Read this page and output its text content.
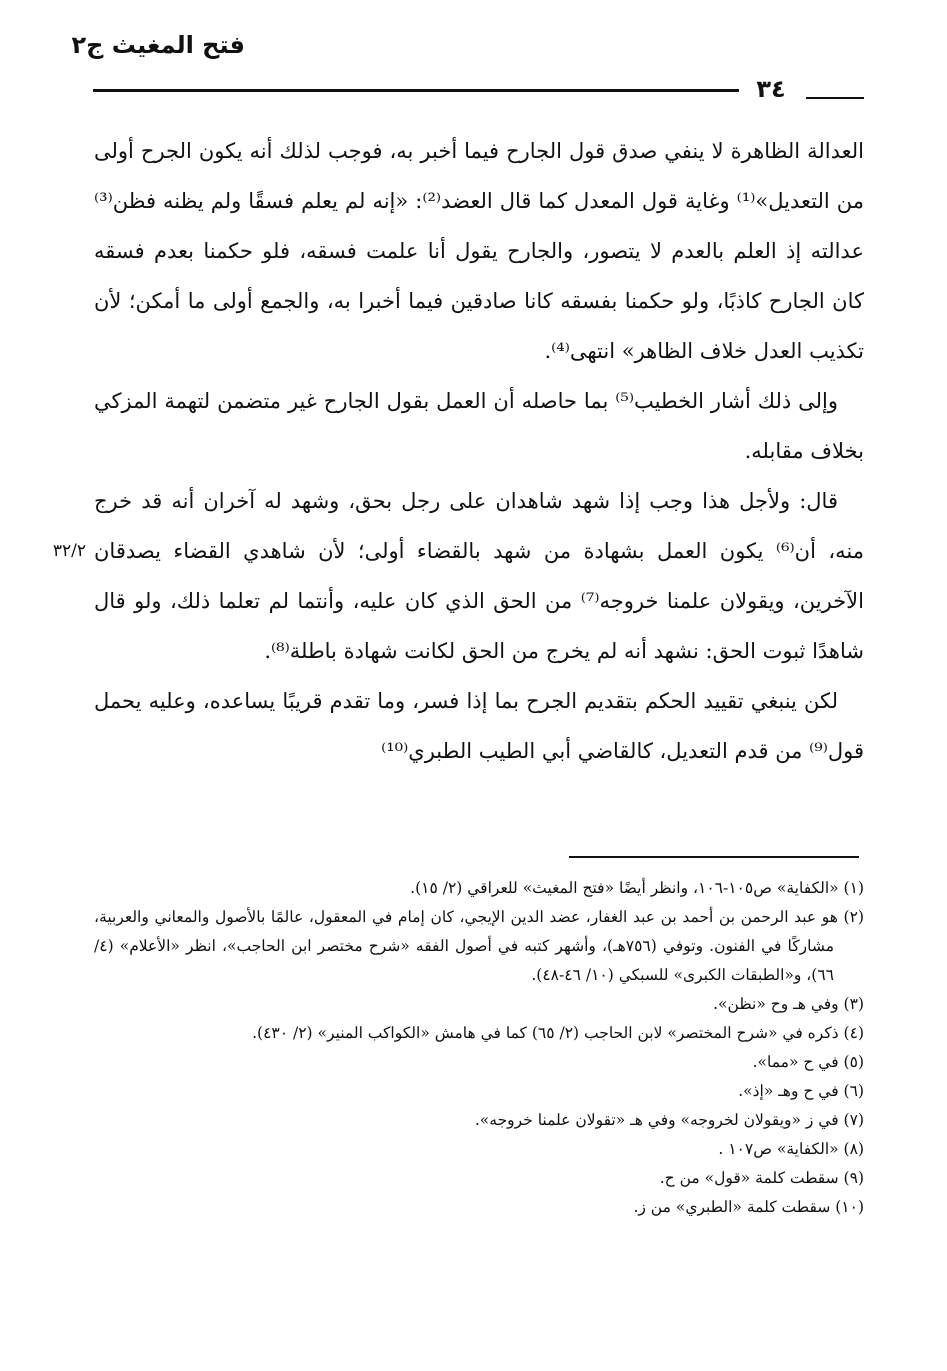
فتح المغيث ج٢
٣٤

العدالة الظاهرة لا ينفي صدق قول الجارح فيما أخبر به، فوجب لذلك أنه يكون الجرح أولى من التعديل»⁽¹⁾ وغاية قول المعدل كما قال العضد⁽²⁾: «إنه لم يعلم فسقًا ولم يظنه فظن⁽³⁾ عدالته إذ العلم بالعدم لا يتصور، والجارح يقول أنا علمت فسقه، فلو حكمنا بعدم فسقه كان الجارح كاذبًا، ولو حكمنا بفسقه كانا صادقين فيما أخبرا به، والجمع أولى ما أمكن؛ لأن تكذيب العدل خلاف الظاهر» انتهى⁽⁴⁾.

وإلى ذلك أشار الخطيب⁽⁵⁾ بما حاصله أن العمل بقول الجارح غير متضمن لتهمة المزكي بخلاف مقابله.

قال: ولأجل هذا وجب إذا شهد شاهدان على رجل بحق، وشهد له آخران أنه قد خرج منه، أن⁽⁶⁾ يكون العمل بشهادة من شهد بالقضاء أولى؛ لأن شاهدي القضاء يصدقان الآخرين، ويقولان علمنا خروجه⁽⁷⁾ من الحق الذي كان عليه، وأنتما لم تعلما ذلك، ولو قال شاهدًا ثبوت الحق: نشهد أنه لم يخرج من الحق لكانت شهادة باطلة⁽⁸⁾.
٣٢/٢

لكن ينبغي تقييد الحكم بتقديم الجرح بما إذا فسر، وما تقدم قريبًا يساعده، وعليه يحمل قول⁽⁹⁾ من قدم التعديل، كالقاضي أبي الطيب الطبري⁽¹⁰⁾

(١) «الكفاية» ص١٠٥-١٠٦، وانظر أيضًا «فتح المغيث» للعراقي (٢/ ١٥).
(٢) هو عبد الرحمن بن أحمد بن عبد الغفار، عضد الدين الإيجي، كان إمام في المعقول، عالمًا بالأصول والمعاني والعربية، مشاركًا في الفنون. وتوفي (٧٥٦هـ)، وأشهر كتبه في أصول الفقه «شرح مختصر ابن الحاجب»، انظر «الأعلام» (٤/ ٦٦)، و«الطبقات الكبرى» للسبكي (١٠/ ٤٦-٤٨).
(٣) وفي هـ وح «نظن».
(٤) ذكره في «شرح المختصر» لابن الحاجب (٢/ ٦٥) كما في هامش «الكواكب المنير» (٢/ ٤٣٠).
(٥) في ح «مما».
(٦) في ح وهـ «إذ».
(٧) في ز «ويقولان لخروجه» وفي هـ «تقولان علمنا خروجه».
(٨) «الكفاية» ص١٠٧ .
(٩) سقطت كلمة «قول» من ح.
(١٠) سقطت كلمة «الطبري» من ز.
